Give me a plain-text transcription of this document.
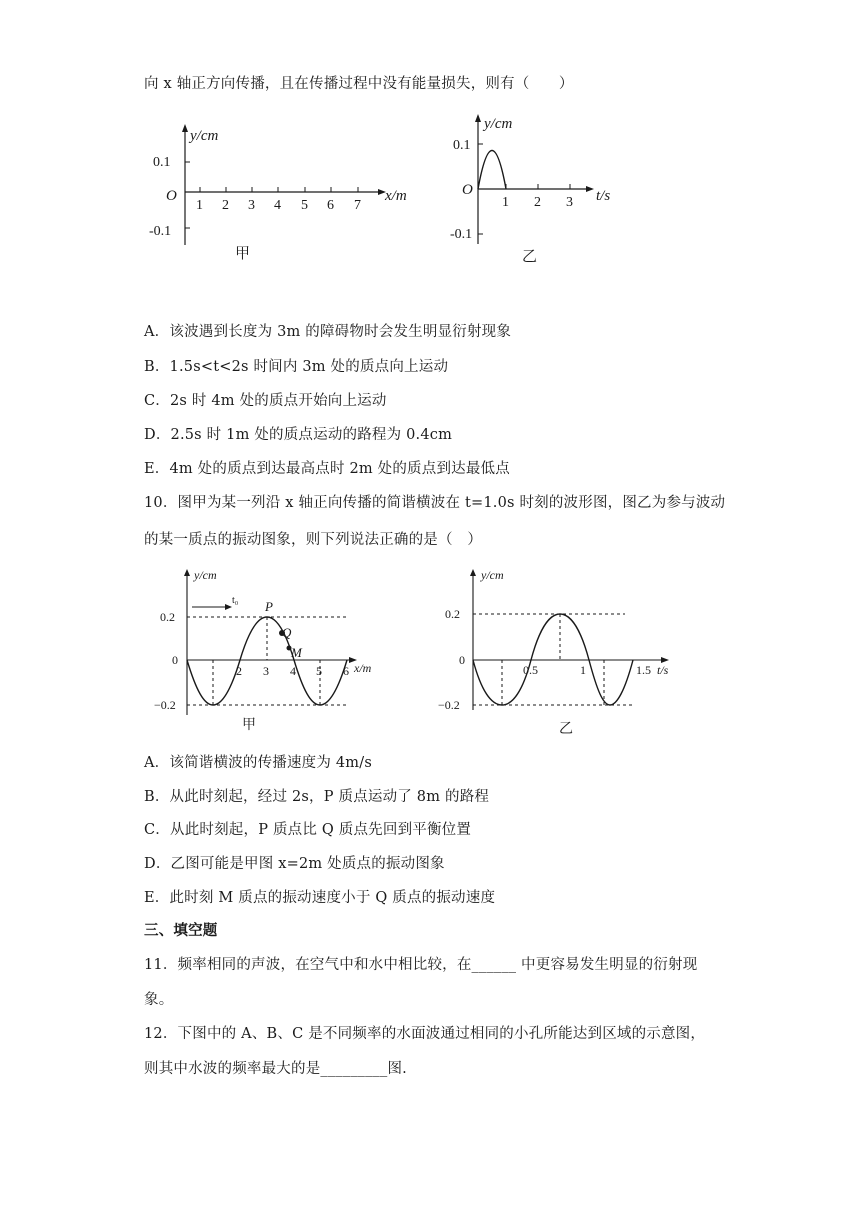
向 x 轴正方向传播，且在传播过程中没有能量损失，则有（　　）
y/cm
x/m
O
0.1
-0.1
1 2 3 4 5 6 7
甲
y/cm
t/s
O
0.1
-0.1
1 2 3
乙
A．该波遇到长度为 3m 的障碍物时会发生明显衍射现象
B．1.5s<t<2s 时间内 3m 处的质点向上运动
C．2s 时 4m 处的质点开始向上运动
D．2.5s 时 1m 处的质点运动的路程为 0.4cm
E．4m 处的质点到达最高点时 2m 处的质点到达最低点
10．图甲为某一列沿 x 轴正向传播的简谐横波在 t=1.0s 时刻的波形图，图乙为参与波动
的某一质点的振动图象，则下列说法正确的是（　）
t₀
y/cm
x/m
0
0.2
−0.2
2 3 4 5 6
P
Q
M
甲
y/cm
t/s
0
0.2
−0.2
0.5	1	1.5
乙
A．该简谐横波的传播速度为 4m/s
B．从此时刻起，经过 2s，P 质点运动了 8m 的路程
C．从此时刻起，P 质点比 Q 质点先回到平衡位置
D．乙图可能是甲图 x=2m 处质点的振动图象
E．此时刻 M 质点的振动速度小于 Q 质点的振动速度
三、填空题
11．频率相同的声波，在空气中和水中相比较，在______ 中更容易发生明显的衍射现
象。
12．下图中的 A、B、C 是不同频率的水面波通过相同的小孔所能达到区域的示意图，
则其中水波的频率最大的是_________图.
